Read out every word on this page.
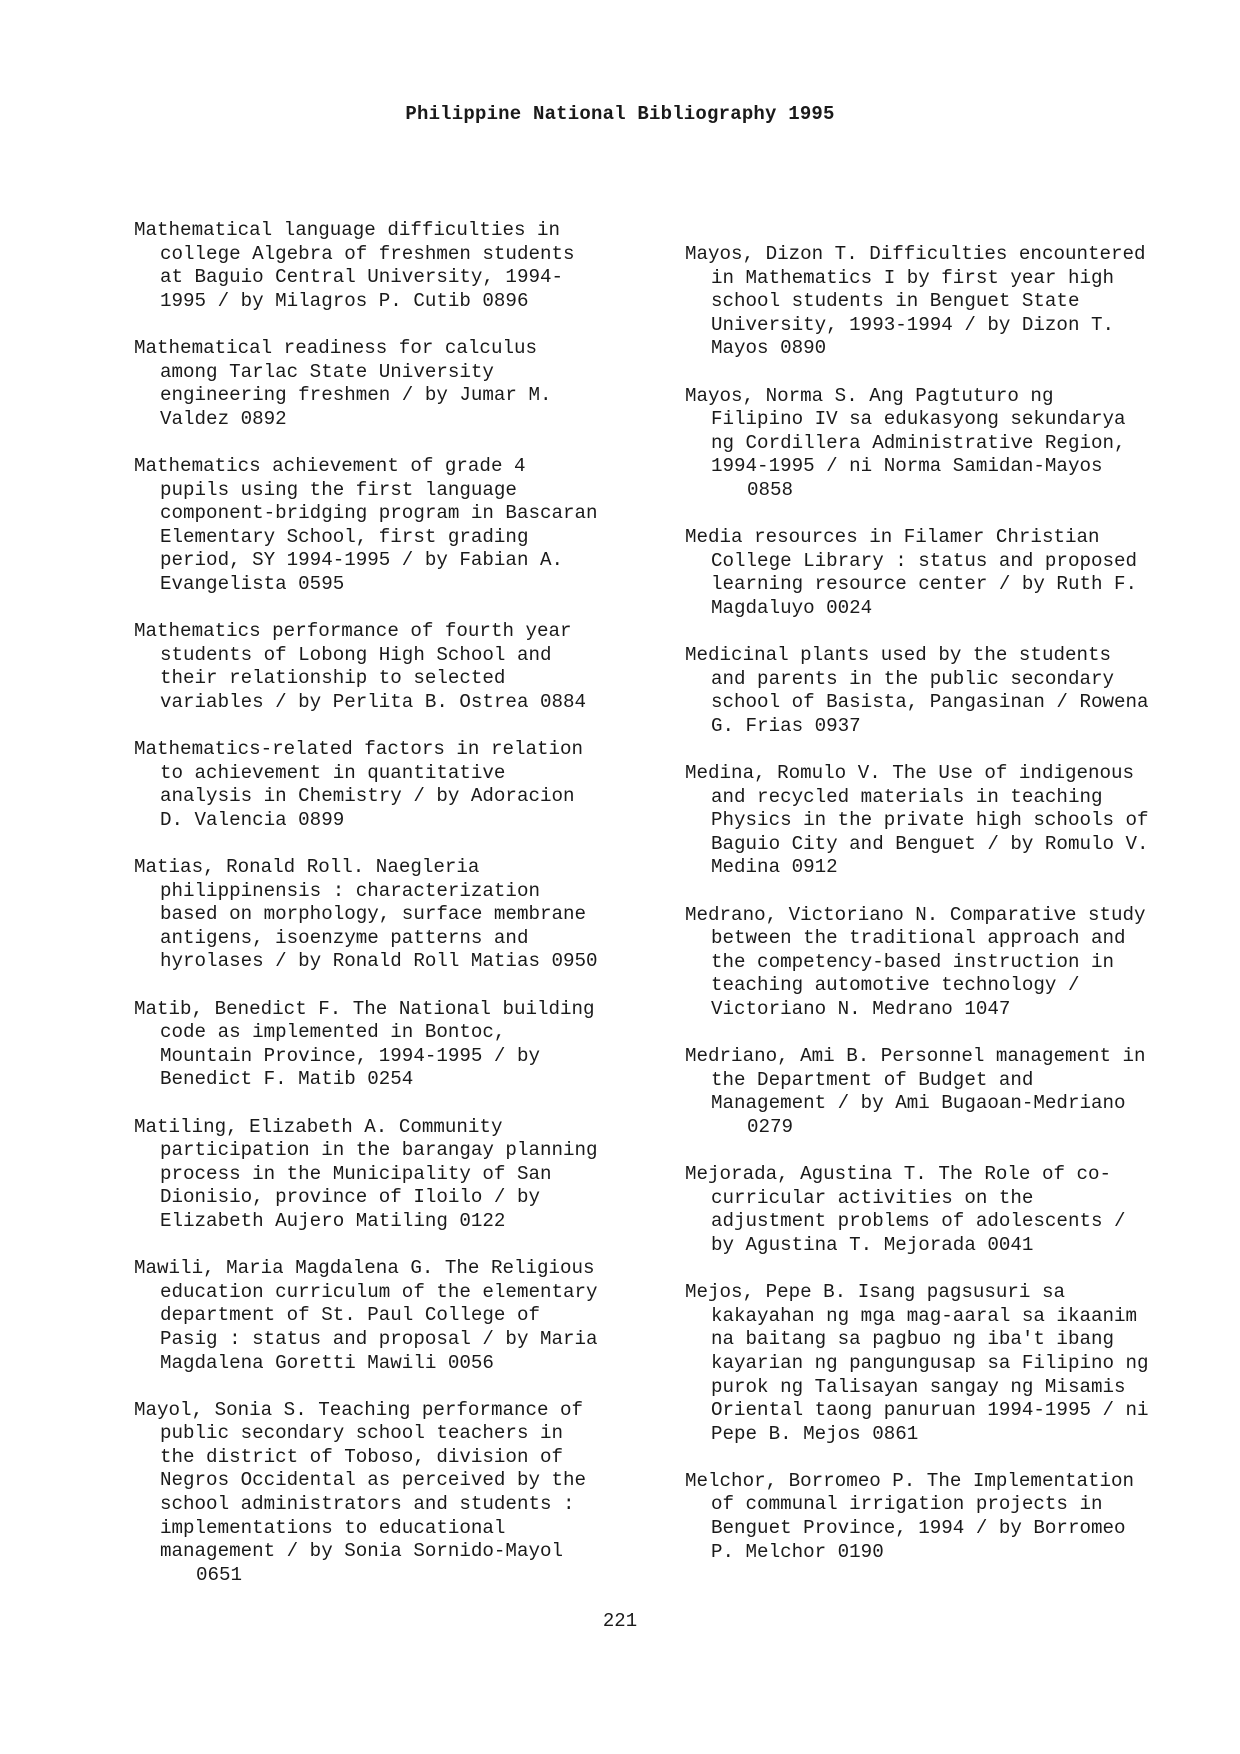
Philippine National Bibliography 1995
Mathematical language difficulties in
college Algebra of freshmen students
at Baguio Central University, 1994-
1995 / by Milagros P. Cutib 0896
Mathematical readiness for calculus
among Tarlac State University
engineering freshmen / by Jumar M.
Valdez 0892
Mathematics achievement of grade 4
pupils using the first language
component-bridging program in Bascaran
Elementary School, first grading
period, SY 1994-1995 / by Fabian A.
Evangelista 0595
Mathematics performance of fourth year
students of Lobong High School and
their relationship to selected
variables / by Perlita B. Ostrea 0884
Mathematics-related factors in relation
to achievement in quantitative
analysis in Chemistry / by Adoracion
D. Valencia 0899
Matias, Ronald Roll. Naegleria
philippinensis : characterization
based on morphology, surface membrane
antigens, isoenzyme patterns and
hyrolases / by Ronald Roll Matias 0950
Matib, Benedict F. The National building
code as implemented in Bontoc,
Mountain Province, 1994-1995 / by
Benedict F. Matib 0254
Matiling, Elizabeth A. Community
participation in the barangay planning
process in the Municipality of San
Dionisio, province of Iloilo / by
Elizabeth Aujero Matiling 0122
Mawili, Maria Magdalena G. The Religious
education curriculum of the elementary
department of St. Paul College of
Pasig : status and proposal / by Maria
Magdalena Goretti Mawili 0056
Mayol, Sonia S. Teaching performance of
public secondary school teachers in
the district of Toboso, division of
Negros Occidental as perceived by the
school administrators and students :
implementations to educational
management / by Sonia Sornido-Mayol
0651
Mayos, Dizon T. Difficulties encountered
in Mathematics I by first year high
school students in Benguet State
University, 1993-1994 / by Dizon T.
Mayos 0890
Mayos, Norma S. Ang Pagtuturo ng
Filipino IV sa edukasyong sekundarya
ng Cordillera Administrative Region,
1994-1995 / ni Norma Samidan-Mayos
0858
Media resources in Filamer Christian
College Library : status and proposed
learning resource center / by Ruth F.
Magdaluyo 0024
Medicinal plants used by the students
and parents in the public secondary
school of Basista, Pangasinan / Rowena
G. Frias 0937
Medina, Romulo V. The Use of indigenous
and recycled materials in teaching
Physics in the private high schools of
Baguio City and Benguet / by Romulo V.
Medina 0912
Medrano, Victoriano N. Comparative study
between the traditional approach and
the competency-based instruction in
teaching automotive technology /
Victoriano N. Medrano 1047
Medriano, Ami B. Personnel management in
the Department of Budget and
Management / by Ami Bugaoan-Medriano
0279
Mejorada, Agustina T. The Role of co-
curricular activities on the
adjustment problems of adolescents /
by Agustina T. Mejorada 0041
Mejos, Pepe B. Isang pagsusuri sa
kakayahan ng mga mag-aaral sa ikaanim
na baitang sa pagbuo ng iba't ibang
kayarian ng pangungusap sa Filipino ng
purok ng Talisayan sangay ng Misamis
Oriental taong panuruan 1994-1995 / ni
Pepe B. Mejos 0861
Melchor, Borromeo P. The Implementation
of communal irrigation projects in
Benguet Province, 1994 / by Borromeo
P. Melchor 0190
221
